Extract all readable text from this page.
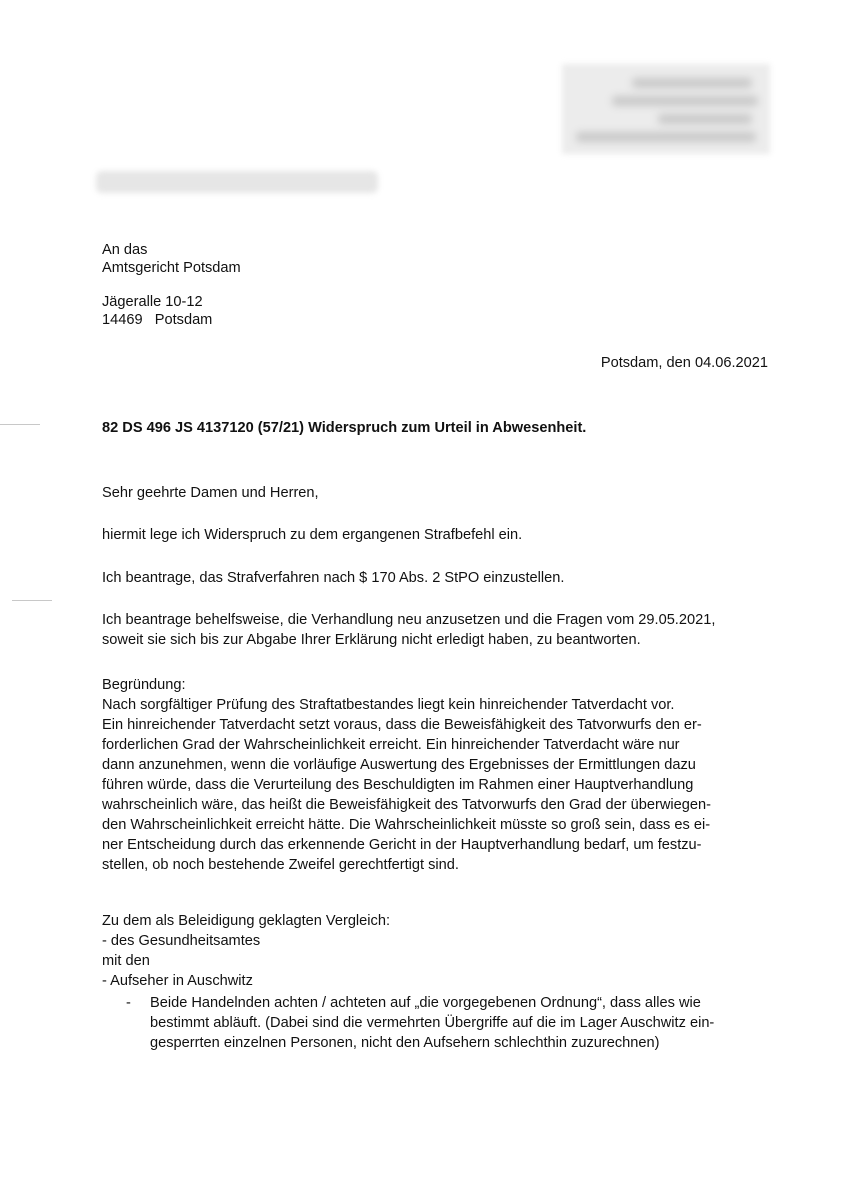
An das
Amtsgericht Potsdam
Jägeralle 10-12
14469   Potsdam
Potsdam, den 04.06.2021
82 DS 496 JS 4137120 (57/21) Widerspruch zum Urteil in Abwesenheit.
Sehr geehrte Damen und Herren,
hiermit lege ich Widerspruch zu dem ergangenen Strafbefehl ein.
Ich beantrage, das Strafverfahren nach $ 170 Abs. 2 StPO einzustellen.
Ich beantrage behelfsweise, die Verhandlung neu anzusetzen und die Fragen vom 29.05.2021,
soweit sie sich bis zur Abgabe Ihrer Erklärung nicht erledigt haben, zu beantworten.
Begründung:
Nach sorgfältiger Prüfung des Straftatbestandes liegt kein hinreichender Tatverdacht vor.
Ein hinreichender Tatverdacht setzt voraus, dass die Beweisfähigkeit des Tatvorwurfs den er-
forderlichen Grad der Wahrscheinlichkeit erreicht. Ein hinreichender Tatverdacht wäre nur
dann anzunehmen, wenn die vorläufige Auswertung des Ergebnisses der Ermittlungen dazu
führen würde, dass die Verurteilung des Beschuldigten im Rahmen einer Hauptverhandlung
wahrscheinlich wäre, das heißt die Beweisfähigkeit des Tatvorwurfs den Grad der überwiegen-
den Wahrscheinlichkeit erreicht hätte. Die Wahrscheinlichkeit müsste so groß sein, dass es ei-
ner Entscheidung durch das erkennende Gericht in der Hauptverhandlung bedarf, um festzu-
stellen, ob noch bestehende Zweifel gerechtfertigt sind.
Zu dem als Beleidigung geklagten Vergleich:
- des Gesundheitsamtes
mit den
- Aufseher in Auschwitz
- Beide Handelnden achten / achteten auf „die vorgegebenen Ordnung“, dass alles wie
bestimmt abläuft. (Dabei sind die vermehrten Übergriffe auf die im Lager Auschwitz ein-
gesperrten einzelnen Personen, nicht den Aufsehern schlechthin zuzurechnen)
